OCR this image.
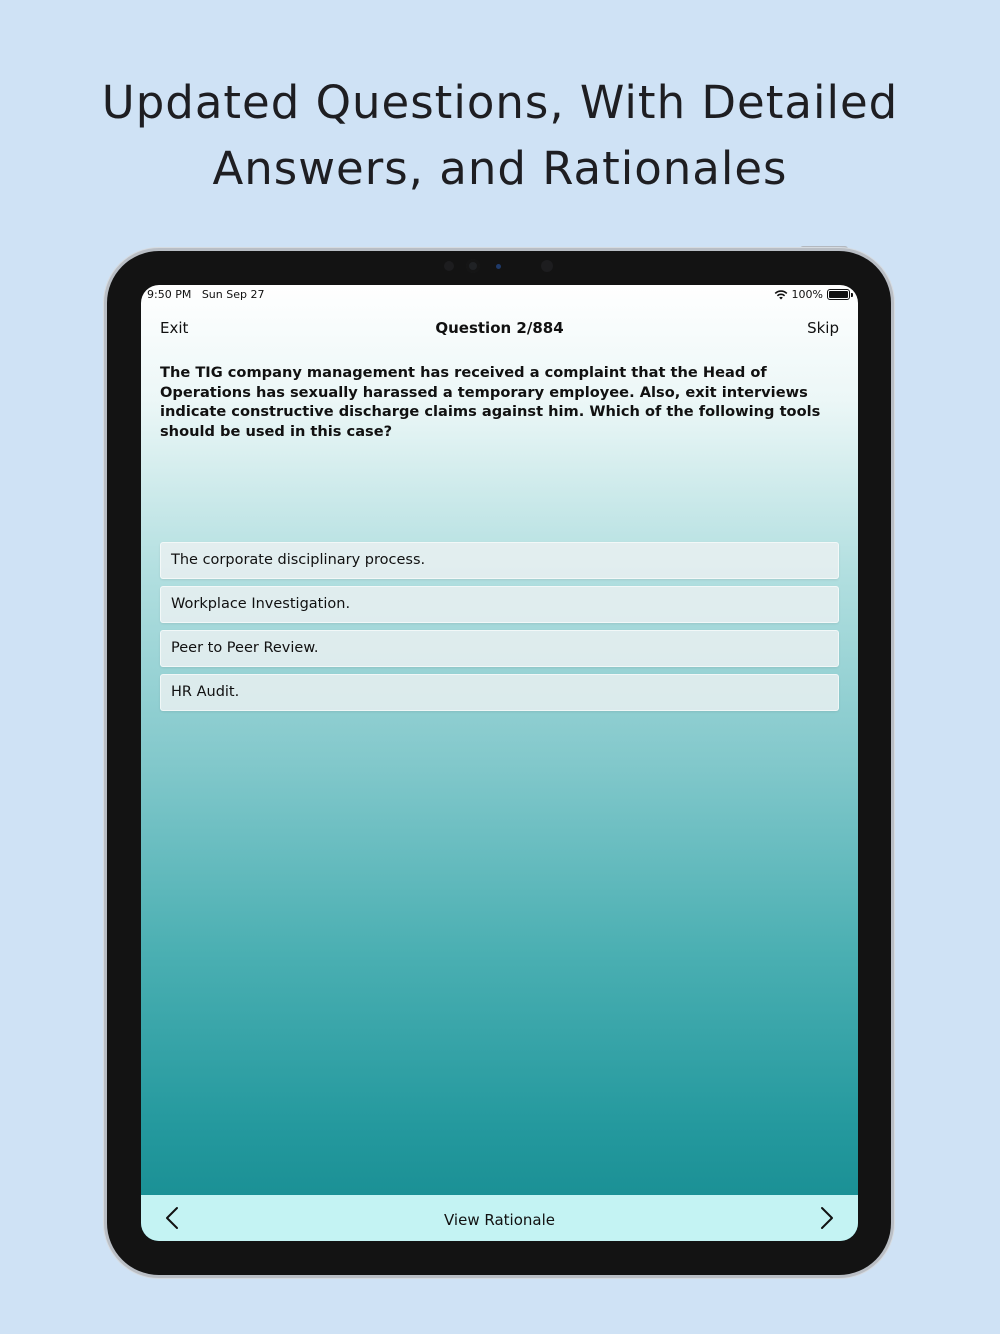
Updated Questions, With Detailed
Answers, and Rationales
9:50 PM Sun Sep 27	100%
Exit	Question 2/884	Skip
The TIG company management has received a complaint that the Head of Operations has sexually harassed a temporary employee. Also, exit interviews indicate constructive discharge claims against him. Which of the following tools should be used in this case?
The corporate disciplinary process.
Workplace Investigation.
Peer to Peer Review.
HR Audit.
View Rationale
